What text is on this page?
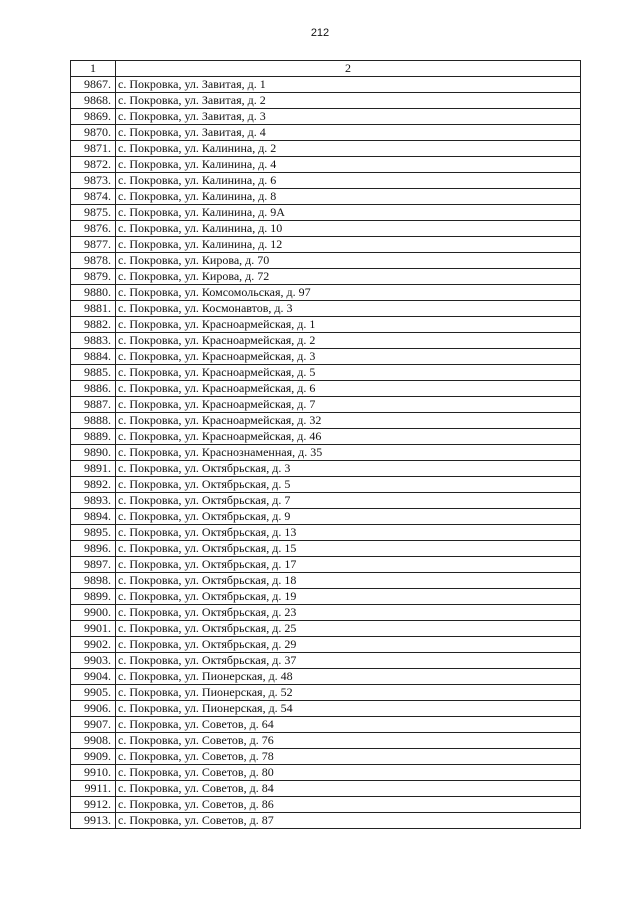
212
1	2
9867.	с. Покровка, ул. Завитая, д. 1
9868.	с. Покровка, ул. Завитая, д. 2
9869.	с. Покровка, ул. Завитая, д. 3
9870.	с. Покровка, ул. Завитая, д. 4
9871.	с. Покровка, ул. Калинина, д. 2
9872.	с. Покровка, ул. Калинина, д. 4
9873.	с. Покровка, ул. Калинина, д. 6
9874.	с. Покровка, ул. Калинина, д. 8
9875.	с. Покровка, ул. Калинина, д. 9А
9876.	с. Покровка, ул. Калинина, д. 10
9877.	с. Покровка, ул. Калинина, д. 12
9878.	с. Покровка, ул. Кирова, д. 70
9879.	с. Покровка, ул. Кирова, д. 72
9880.	с. Покровка, ул. Комсомольская, д. 97
9881.	с. Покровка, ул. Космонавтов, д. 3
9882.	с. Покровка, ул. Красноармейская, д. 1
9883.	с. Покровка, ул. Красноармейская, д. 2
9884.	с. Покровка, ул. Красноармейская, д. 3
9885.	с. Покровка, ул. Красноармейская, д. 5
9886.	с. Покровка, ул. Красноармейская, д. 6
9887.	с. Покровка, ул. Красноармейская, д. 7
9888.	с. Покровка, ул. Красноармейская, д. 32
9889.	с. Покровка, ул. Красноармейская, д. 46
9890.	с. Покровка, ул. Краснознаменная, д. 35
9891.	с. Покровка, ул. Октябрьская, д. 3
9892.	с. Покровка, ул. Октябрьская, д. 5
9893.	с. Покровка, ул. Октябрьская, д. 7
9894.	с. Покровка, ул. Октябрьская, д. 9
9895.	с. Покровка, ул. Октябрьская, д. 13
9896.	с. Покровка, ул. Октябрьская, д. 15
9897.	с. Покровка, ул. Октябрьская, д. 17
9898.	с. Покровка, ул. Октябрьская, д. 18
9899.	с. Покровка, ул. Октябрьская, д. 19
9900.	с. Покровка, ул. Октябрьская, д. 23
9901.	с. Покровка, ул. Октябрьская, д. 25
9902.	с. Покровка, ул. Октябрьская, д. 29
9903.	с. Покровка, ул. Октябрьская, д. 37
9904.	с. Покровка, ул. Пионерская, д. 48
9905.	с. Покровка, ул. Пионерская, д. 52
9906.	с. Покровка, ул. Пионерская, д. 54
9907.	с. Покровка, ул. Советов, д. 64
9908.	с. Покровка, ул. Советов, д. 76
9909.	с. Покровка, ул. Советов, д. 78
9910.	с. Покровка, ул. Советов, д. 80
9911.	с. Покровка, ул. Советов, д. 84
9912.	с. Покровка, ул. Советов, д. 86
9913.	с. Покровка, ул. Советов, д. 87
